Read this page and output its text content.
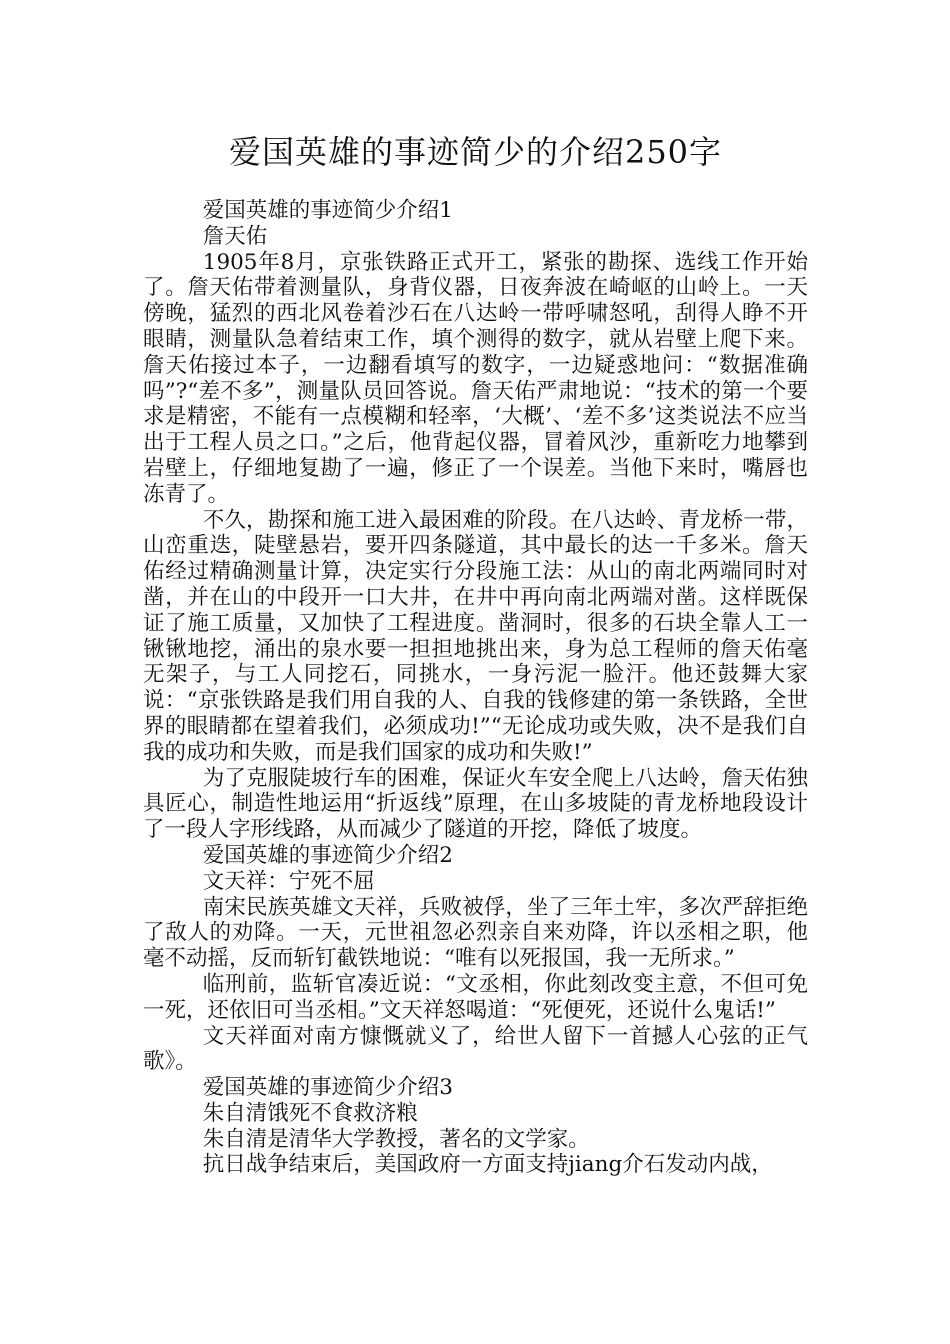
爱国英雄的事迹简少的介绍250字

爱国英雄的事迹简少介绍1

詹天佑

1905年8月，京张铁路正式开工，紧张的勘探、选线工作开始了。詹天佑带着测量队，身背仪器，日夜奔波在崎岖的山岭上。一天傍晚，猛烈的西北风卷着沙石在八达岭一带呼啸怒吼，刮得人睁不开眼睛，测量队急着结束工作，填个测得的数字，就从岩壁上爬下来。詹天佑接过本子，一边翻看填写的数字，一边疑惑地问：“数据准确吗”?“差不多”，测量队员回答说。詹天佑严肃地说：“技术的第一个要求是精密，不能有一点模糊和轻率，‘大概’、‘差不多’这类说法不应当出于工程人员之口。”之后，他背起仪器，冒着风沙，重新吃力地攀到岩壁上，仔细地复勘了一遍，修正了一个误差。当他下来时，嘴唇也冻青了。

不久，勘探和施工进入最困难的阶段。在八达岭、青龙桥一带，山峦重迭，陡壁悬岩，要开四条隧道，其中最长的达一千多米。詹天佑经过精确测量计算，决定实行分段施工法：从山的南北两端同时对凿，并在山的中段开一口大井，在井中再向南北两端对凿。这样既保证了施工质量，又加快了工程进度。凿洞时，很多的石块全靠人工一锹锹地挖，涌出的泉水要一担担地挑出来，身为总工程师的詹天佑毫无架子，与工人同挖石，同挑水，一身污泥一脸汗。他还鼓舞大家说：“京张铁路是我们用自我的人、自我的钱修建的第一条铁路，全世界的眼睛都在望着我们，必须成功!”“无论成功或失败，决不是我们自我的成功和失败，而是我们国家的成功和失败!”

为了克服陡坡行车的困难，保证火车安全爬上八达岭，詹天佑独具匠心，制造性地运用“折返线”原理，在山多坡陡的青龙桥地段设计了一段人字形线路，从而减少了隧道的开挖，降低了坡度。

爱国英雄的事迹简少介绍2

文天祥：宁死不屈

南宋民族英雄文天祥，兵败被俘，坐了三年土牢，多次严辞拒绝了敌人的劝降。一天，元世祖忽必烈亲自来劝降，许以丞相之职，他毫不动摇，反而斩钉截铁地说：“唯有以死报国，我一无所求。”

临刑前，监斩官凑近说：“文丞相，你此刻改变主意，不但可免一死，还依旧可当丞相。”文天祥怒喝道：“死便死，还说什么鬼话!”

文天祥面对南方慷慨就义了，给世人留下一首撼人心弦的正气歌》。

爱国英雄的事迹简少介绍3

朱自清饿死不食救济粮

朱自清是清华大学教授，著名的文学家。

抗日战争结束后，美国政府一方面支持jiang介石发动内战，
